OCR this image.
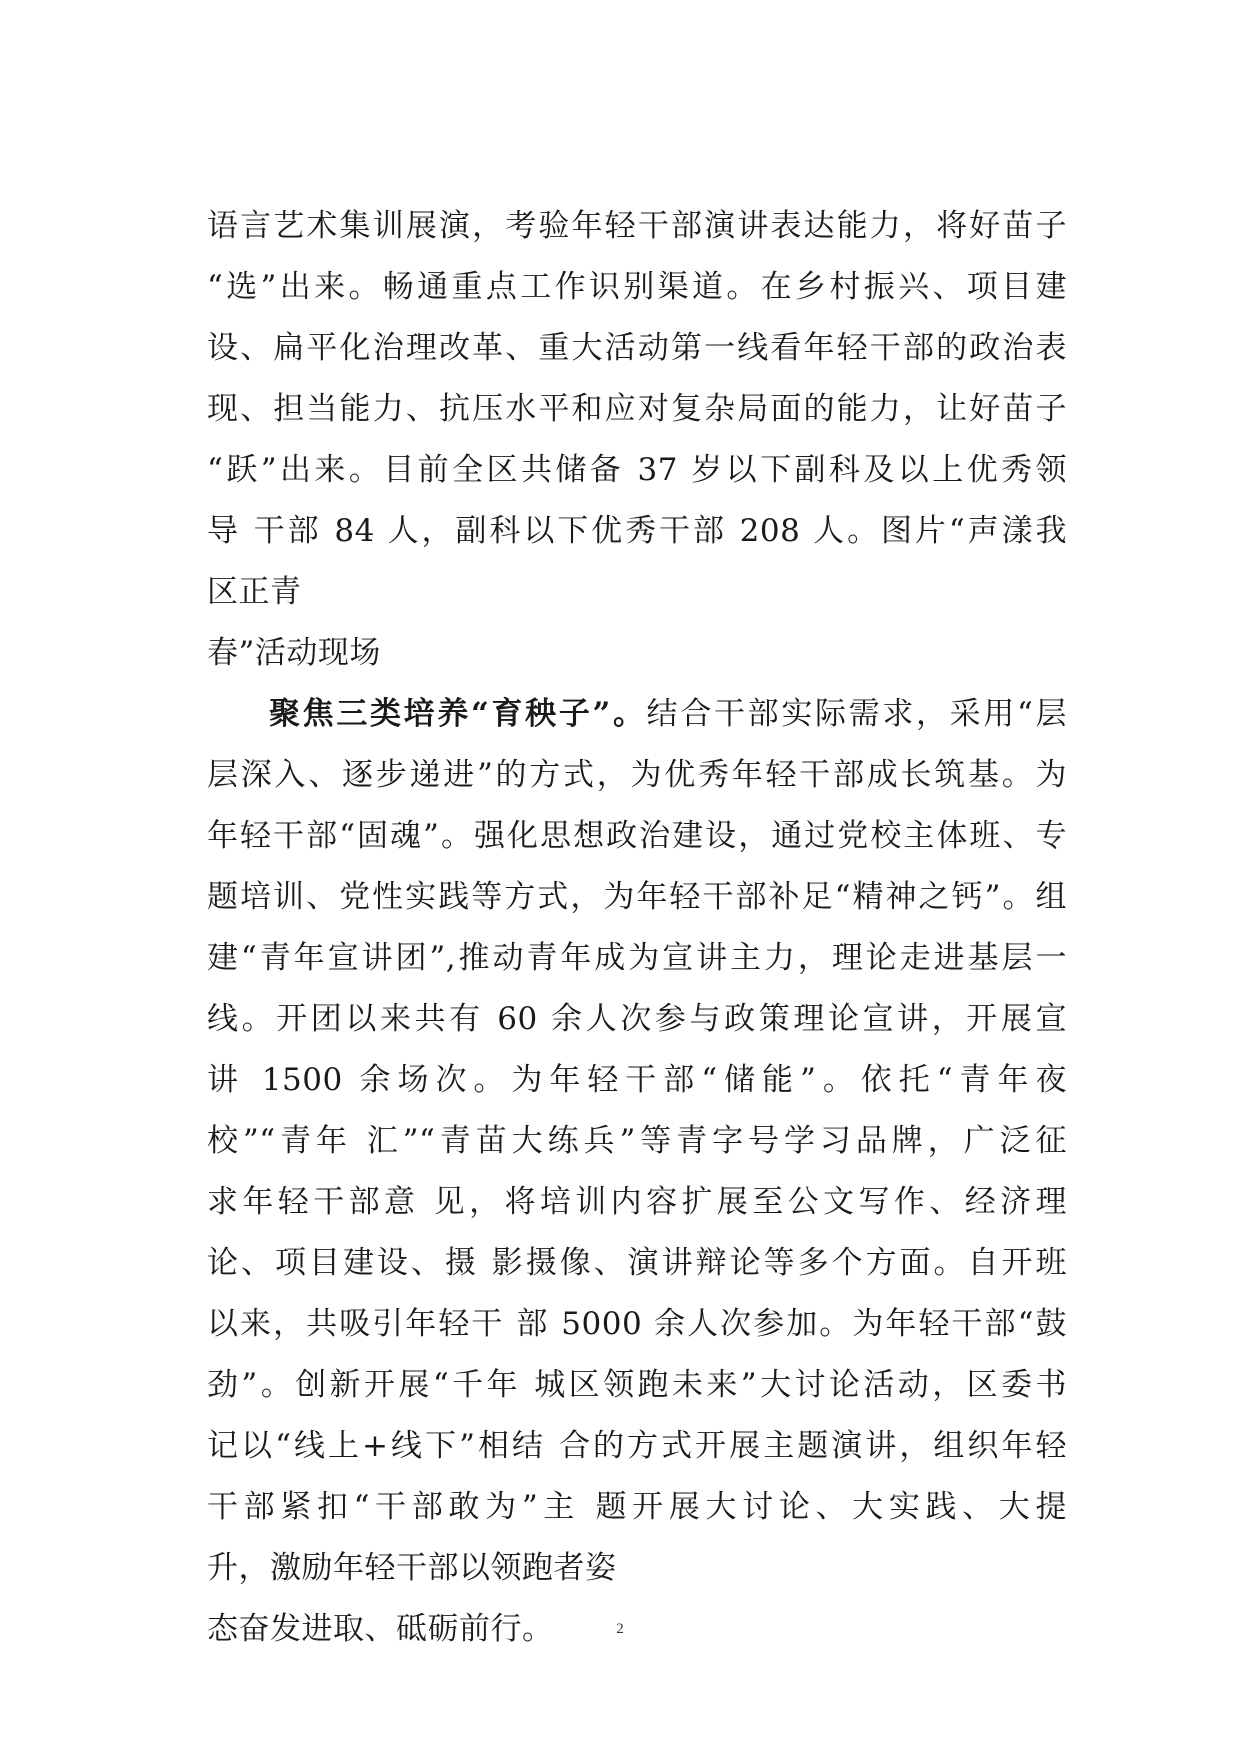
语言艺术集训展演，考验年轻干部演讲表达能力，将好苗子
“选”出来。畅通重点工作识别渠道。在乡村振兴、项目建
设、扁平化治理改革、重大活动第一线看年轻干部的政治表
现、担当能力、抗压水平和应对复杂局面的能力，让好苗子
“跃”出来。目前全区共储备 37 岁以下副科及以上优秀领
导 干部 84 人，副科以下优秀干部 208 人。图片“声漾我
区正青
春”活动现场
聚焦三类培养“育秧子”。结合干部实际需求，采用“层
层深入、逐步递进”的方式，为优秀年轻干部成长筑基。为
年轻干部“固魂”。强化思想政治建设，通过党校主体班、专
题培训、党性实践等方式，为年轻干部补足“精神之钙”。组
建“青年宣讲团”,推动青年成为宣讲主力，理论走进基层一
线。开团以来共有 60 余人次参与政策理论宣讲，开展宣
讲 1500 余场次。为年轻干部“储能”。依托“青年夜
校”“青年 汇”“青苗大练兵”等青字号学习品牌，广泛征
求年轻干部意 见，将培训内容扩展至公文写作、经济理
论、项目建设、摄 影摄像、演讲辩论等多个方面。自开班
以来，共吸引年轻干 部 5000 余人次参加。为年轻干部“鼓
劲”。创新开展“千年 城区领跑未来”大讨论活动，区委书
记以“线上+线下”相结 合的方式开展主题演讲，组织年轻
干部紧扣“干部敢为”主 题开展大讨论、大实践、大提
升，激励年轻干部以领跑者姿
态奋发进取、砥砺前行。	2
